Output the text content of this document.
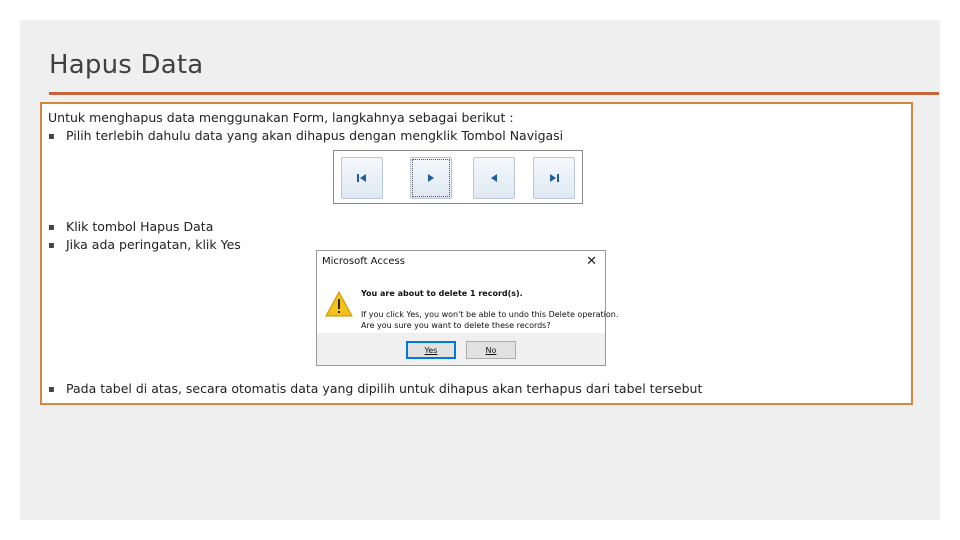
Hapus Data
Untuk menghapus data menggunakan Form, langkahnya sebagai berikut :
▪ Pilih terlebih dahulu data yang akan dihapus dengan mengklik Tombol Navigasi
▪ Klik tombol Hapus Data
▪ Jika ada peringatan, klik Yes
Microsoft Access	✕
You are about to delete 1 record(s).
If you click Yes, you won't be able to undo this Delete operation.
Are you sure you want to delete these records?
Yes	No
▪ Pada tabel di atas, secara otomatis data yang dipilih untuk dihapus akan terhapus dari tabel tersebut
